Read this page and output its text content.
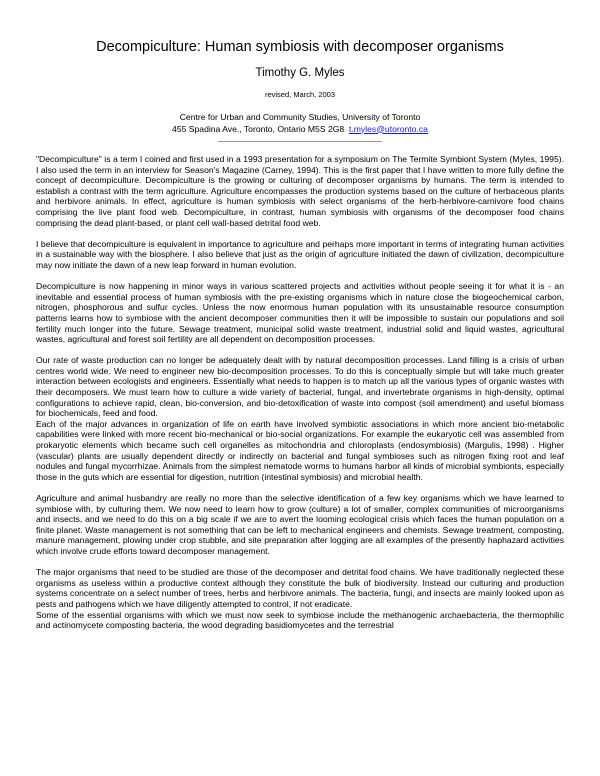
Decompiculture: Human symbiosis with decomposer organisms
Timothy G. Myles
revised, March, 2003
Centre for Urban and Community Studies, University of Toronto
455 Spadina Ave., Toronto, Ontario M5S 2G8 t.myles@utoronto.ca

"Decompiculture" is a term I coined and first used in a 1993 presentation for a symposium on The Termite Symbiont System (Myles, 1995). I also used the term in an interview for Season's Magazine (Carney, 1994). This is the first paper that I have written to more fully define the concept of decompiculture. Decompiculture is the growing or culturing of decomposer organisms by humans. The term is intended to establish a contrast with the term agriculture. Agriculture encompasses the production systems based on the culture of herbaceous plants and herbivore animals. In effect, agriculture is human symbiosis with select organisms of the herb-herbivore-carnivore food chains comprising the live plant food web. Decompiculture, in contrast, human symbiosis with organisms of the decomposer food chains comprising the dead plant-based, or plant cell wall-based detrital food web.

I believe that decompiculture is equivalent in importance to agriculture and perhaps more important in terms of integrating human activities in a sustainable way with the biosphere. I also believe that just as the origin of agriculture initiated the dawn of civilization, decompiculture may now initiate the dawn of a new leap forward in human evolution.

Decompiculture is now happening in minor ways in various scattered projects and activities without people seeing it for what it is - an inevitable and essential process of human symbiosis with the pre-existing organisms which in nature close the biogeochemical carbon, nitrogen, phosphorous and sulfur cycles. Unless the now enormous human population with its unsustainable resource consumption patterns learns how to symbiose with the ancient decomposer communities then it will be impossible to sustain our populations and soil fertility much longer into the future. Sewage treatment, municipal solid waste treatment, industrial solid and liquid wastes, agricultural wastes, agricultural and forest soil fertility are all dependent on decomposition processes.

Our rate of waste production can no longer be adequately dealt with by natural decomposition processes. Land filling is a crisis of urban centres world wide. We need to engineer new bio-decomposition processes. To do this is conceptually simple but will take much greater interaction between ecologists and engineers. Essentially what needs to happen is to match up all the various types of organic wastes with their decomposers. We must learn how to culture a wide variety of bacterial, fungal, and invertebrate organisms in high-density, optimal configurations to achieve rapid, clean, bio-conversion, and bio-detoxification of waste into compost (soil amendment) and useful biomass for biochemicals, feed and food.

Each of the major advances in organization of life on earth have involved symbiotic associations in which more ancient bio-metabolic capabilities were linked with more recent bio-mechanical or bio-social organizations. For example the eukaryotic cell was assembled from prokaryotic elements which became such cell organelles as mitochondria and chloroplasts (endosymbiosis) (Margulis, 1998) . Higher (vascular) plants are usually dependent directly or indirectly on bacterial and fungal symbioses such as nitrogen fixing root and leaf nodules and fungal mycorrhizae. Animals from the simplest nematode worms to humans harbor all kinds of microbial symbionts, especially those in the guts which are essential for digestion, nutrition (intestinal symbiosis) and microbial health.

Agriculture and animal husbandry are really no more than the selective identification of a few key organisms which we have learned to symbiose with, by culturing them. We now need to learn how to grow (culture) a lot of smaller, complex communities of microorganisms and insects, and we need to do this on a big scale if we are to avert the looming ecological crisis which faces the human population on a finite planet. Waste management is not something that can be left to mechanical engineers and chemists. Sewage treatment, composting, manure management, plowing under crop stubble, and site preparation after logging are all examples of the presently haphazard activities which involve crude efforts toward decomposer management.

The major organisms that need to be studied are those of the decomposer and detrital food chains. We have traditionally neglected these organisms as useless within a productive context although they constitute the bulk of biodiversity. Instead our culturing and production systems concentrate on a select number of trees, herbs and herbivore animals. The bacteria, fungi, and insects are mainly looked upon as pests and pathogens which we have diligently attempted to control, if not eradicate.

Some of the essential organisms with which we must now seek to symbiose include the methanogenic archaebacteria, the thermophilic and actinomycete composting bacteria, the wood degrading basidiomycetes and the terrestrial
